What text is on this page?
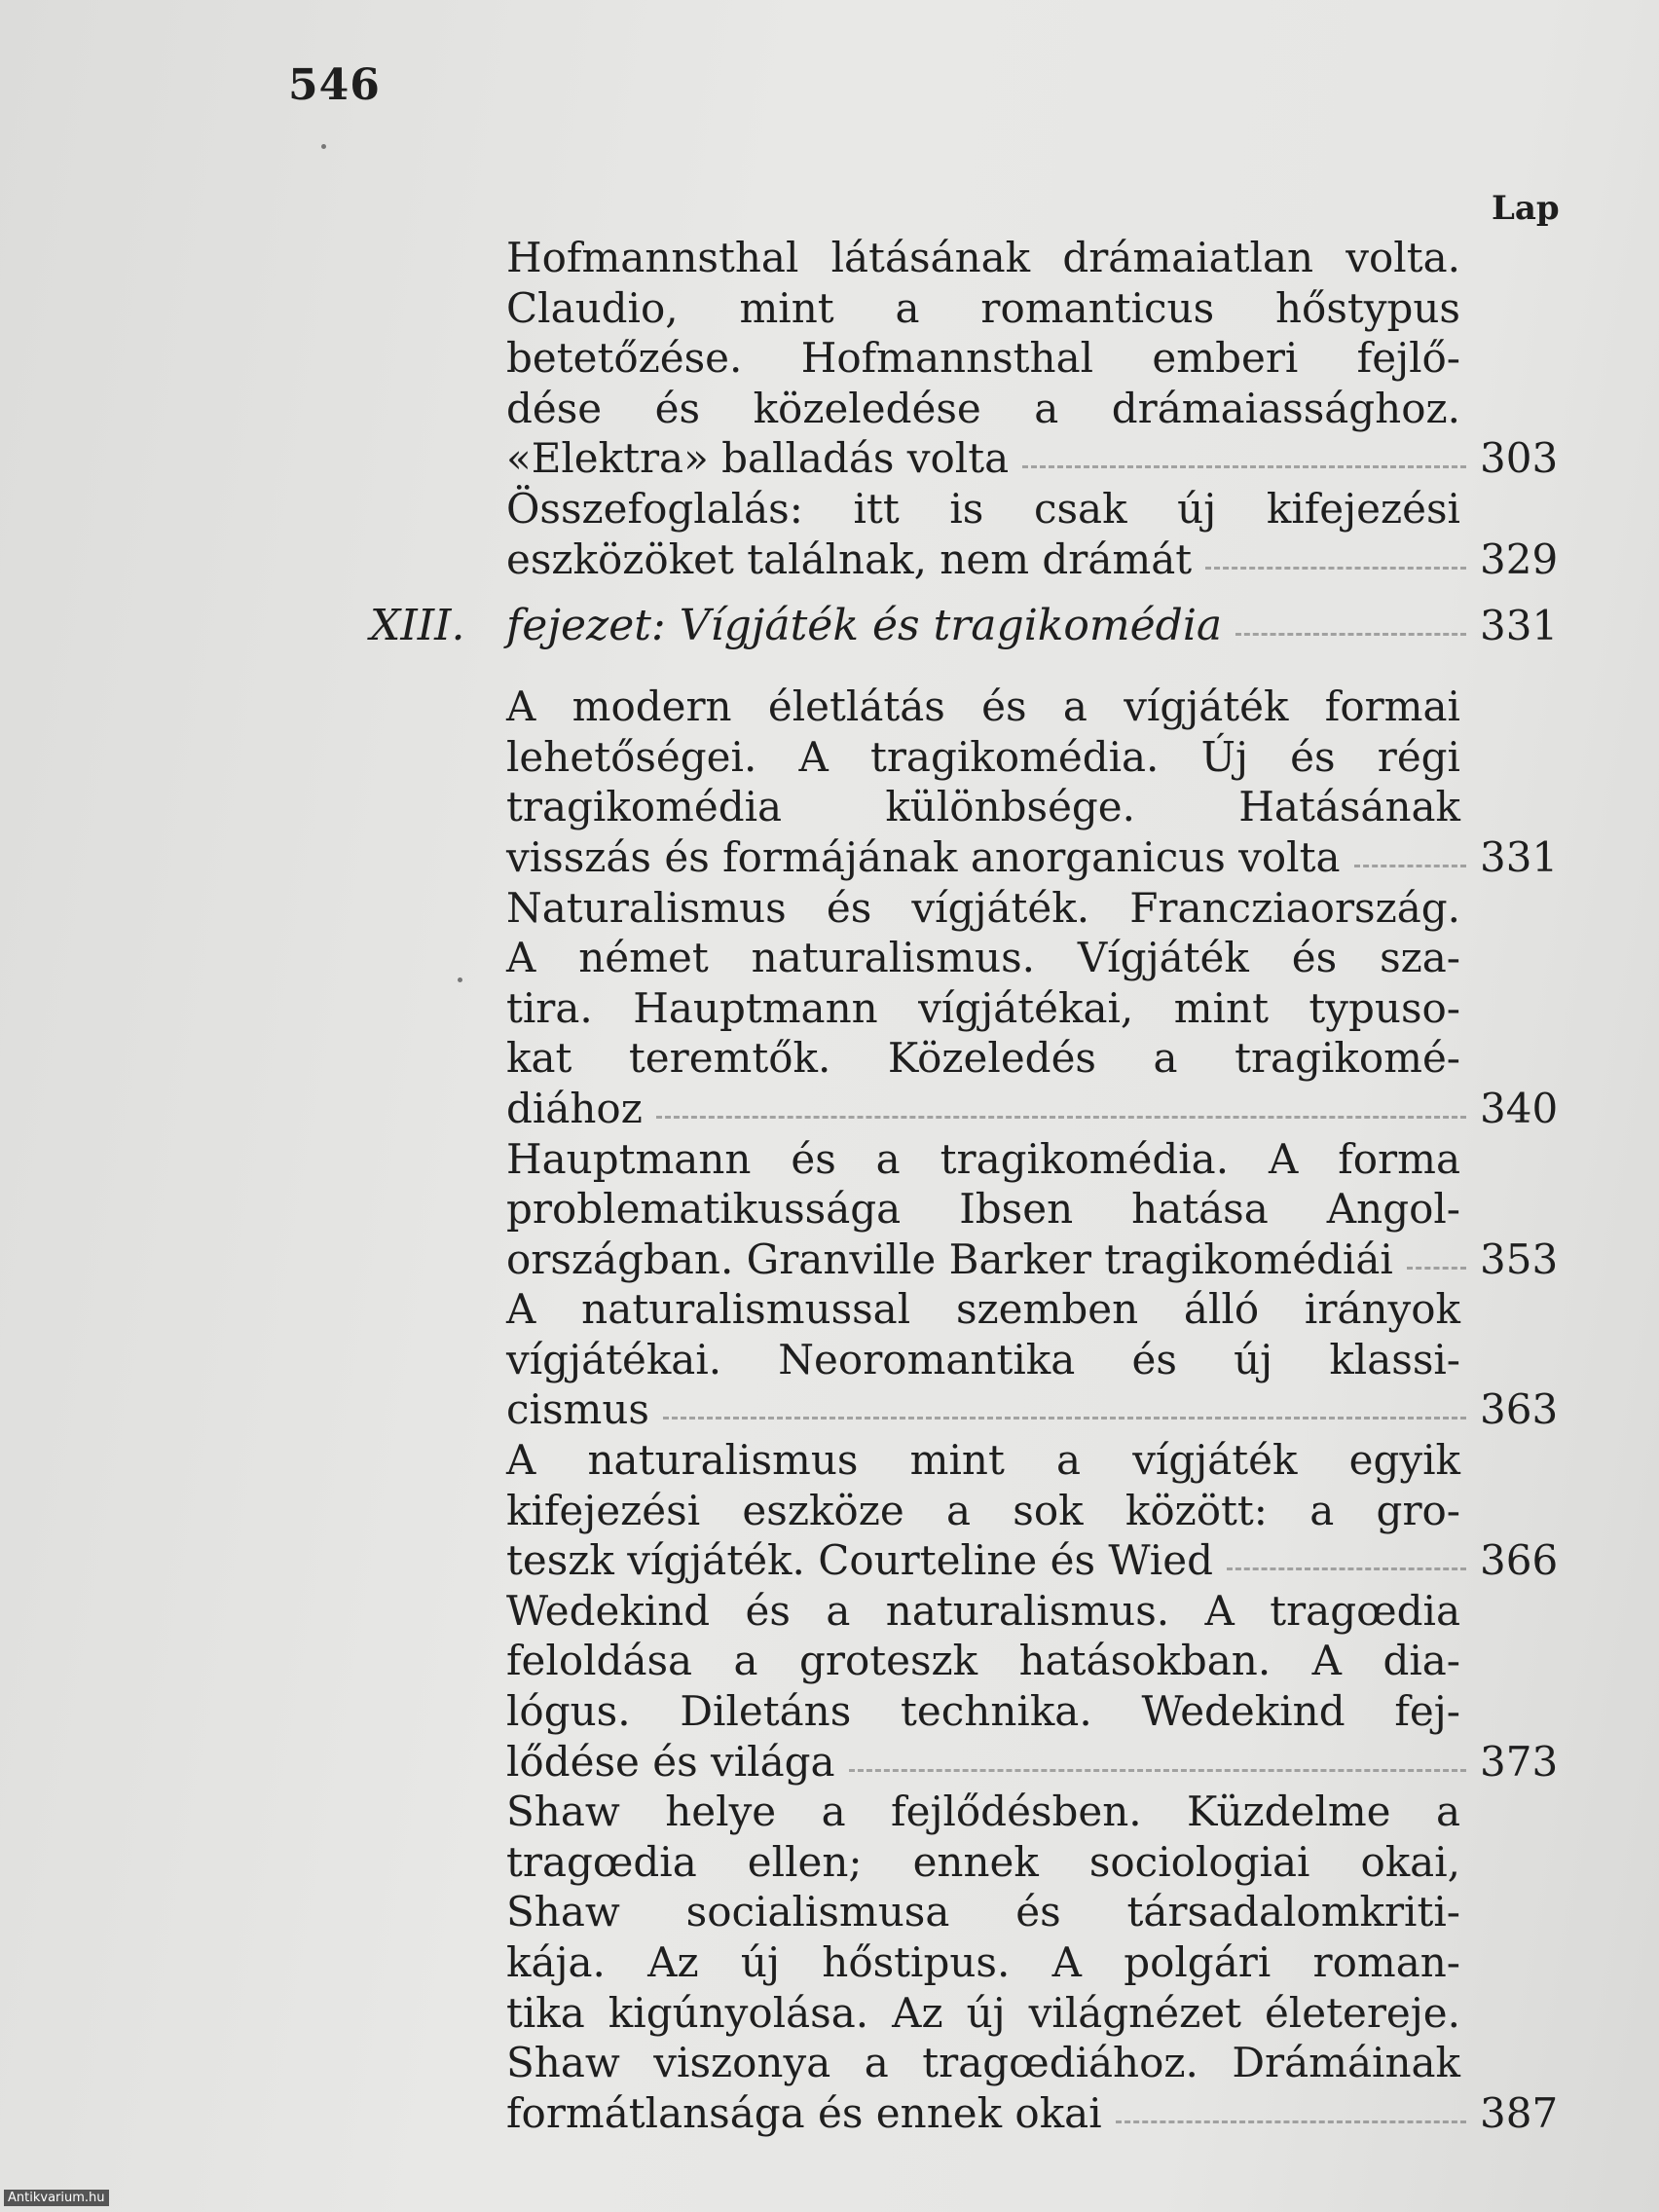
546
Lap
Hofmannsthal látásának drámaiatlan volta.
Claudio, mint a romanticus hőstypus
betetőzése. Hofmannsthal emberi fejlő-
dése és közeledése a drámaiassághoz.
«Elektra» balladás volta	303
Összefoglalás: itt is csak új kifejezési
eszközöket találnak, nem drámát	329
XIII. fejezet: Vígjáték és tragikomédia	331
A modern életlátás és a vígjáték formai
lehetőségei. A tragikomédia. Új és régi
tragikomédia különbsége. Hatásának
visszás és formájának anorganicus volta	331
Naturalismus és vígjáték. Francziaország.
A német naturalismus. Vígjáték és sza-
tira. Hauptmann vígjátékai, mint typuso-
kat teremtők. Közeledés a tragikomé-
diához	340
Hauptmann és a tragikomédia. A forma
problematikussága Ibsen hatása Angol-
országban. Granville Barker tragikomédiái 353
A naturalismussal szemben álló irányok
vígjátékai. Neoromantika és új klassi-
cismus	363
A naturalismus mint a vígjáték egyik
kifejezési eszköze a sok között: a gro-
teszk vígjáték. Courteline és Wied	366
Wedekind és a naturalismus. A tragœdia
feloldása a groteszk hatásokban. A dia-
lógus. Diletáns technika. Wedekind fej-
lődése és világa	373
Shaw helye a fejlődésben. Küzdelme a
tragœdia ellen; ennek sociologiai okai,
Shaw socialismusa és társadalomkriti-
kája. Az új hőstipus. A polgári roman-
tika kigúnyolása. Az új világnézet életereje.
Shaw viszonya a tragœdiához. Drámáinak
formátlansága és ennek okai	387
Antikvarium.hu
